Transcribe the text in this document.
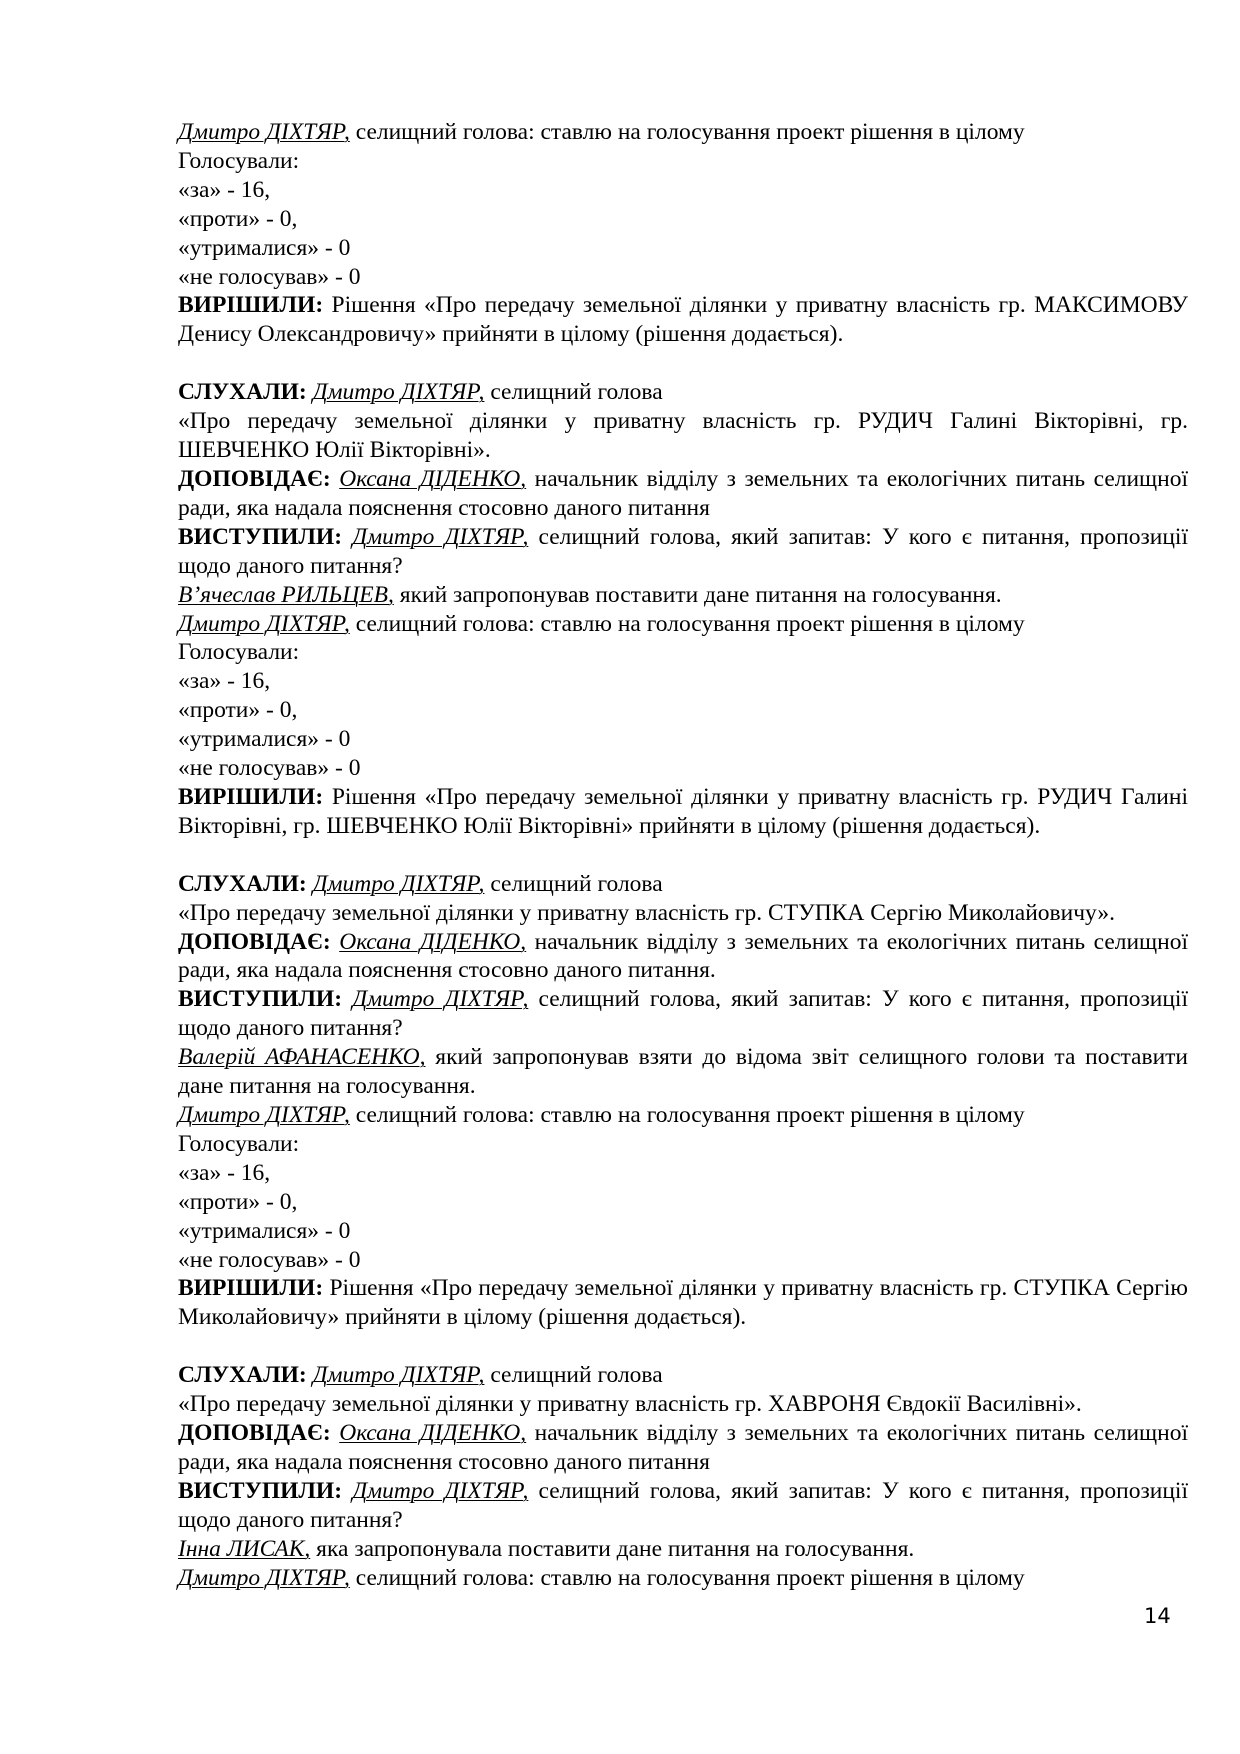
Дмитро ДІХТЯР, селищний голова: ставлю на голосування проект рішення в цілому

Голосували:

«за» - 16,

«проти» - 0,

«утрималися» - 0

«не голосував» - 0

ВИРІШИЛИ: Рішення «Про передачу земельної ділянки у приватну власність гр. МАКСИМОВУ Денису Олександровичу» прийняти в цілому (рішення додається).

СЛУХАЛИ: Дмитро ДІХТЯР, селищний голова

«Про передачу земельної ділянки у приватну власність гр. РУДИЧ Галині Вікторівні, гр. ШЕВЧЕНКО Юлії Вікторівні».

ДОПОВІДАЄ: Оксана ДІДЕНКО, начальник відділу з земельних та екологічних питань селищної ради, яка надала пояснення стосовно даного питання

ВИСТУПИЛИ: Дмитро ДІХТЯР, селищний голова, який запитав: У кого є питання, пропозиції щодо даного питання?

В’ячеслав РИЛЬЦЕВ, який запропонував поставити дане питання на голосування.

Дмитро ДІХТЯР, селищний голова: ставлю на голосування проект рішення в цілому

Голосували:

«за» - 16,

«проти» - 0,

«утрималися» - 0

«не голосував» - 0

ВИРІШИЛИ: Рішення «Про передачу земельної ділянки у приватну власність гр. РУДИЧ Галині Вікторівні, гр. ШЕВЧЕНКО Юлії Вікторівні» прийняти в цілому (рішення додається).

СЛУХАЛИ: Дмитро ДІХТЯР, селищний голова

«Про передачу земельної ділянки у приватну власність гр. СТУПКА Сергію Миколайовичу».

ДОПОВІДАЄ: Оксана ДІДЕНКО, начальник відділу з земельних та екологічних питань селищної ради, яка надала пояснення стосовно даного питання.

ВИСТУПИЛИ: Дмитро ДІХТЯР, селищний голова, який запитав: У кого є питання, пропозиції щодо даного питання?

Валерій АФАНАСЕНКО, який запропонував взяти до відома звіт селищного голови та поставити дане питання на голосування.

Дмитро ДІХТЯР, селищний голова: ставлю на голосування проект рішення в цілому

Голосували:

«за» - 16,

«проти» - 0,

«утрималися» - 0

«не голосував» - 0

ВИРІШИЛИ: Рішення «Про передачу земельної ділянки у приватну власність гр. СТУПКА Сергію Миколайовичу» прийняти в цілому (рішення додається).

СЛУХАЛИ: Дмитро ДІХТЯР, селищний голова

«Про передачу земельної ділянки у приватну власність гр. ХАВРОНЯ Євдокії Василівні».

ДОПОВІДАЄ: Оксана ДІДЕНКО, начальник відділу з земельних та екологічних питань селищної ради, яка надала пояснення стосовно даного питання

ВИСТУПИЛИ: Дмитро ДІХТЯР, селищний голова, який запитав: У кого є питання, пропозиції щодо даного питання?

Інна ЛИСАК, яка запропонувала поставити дане питання на голосування.

Дмитро ДІХТЯР, селищний голова: ставлю на голосування проект рішення в цілому

14
